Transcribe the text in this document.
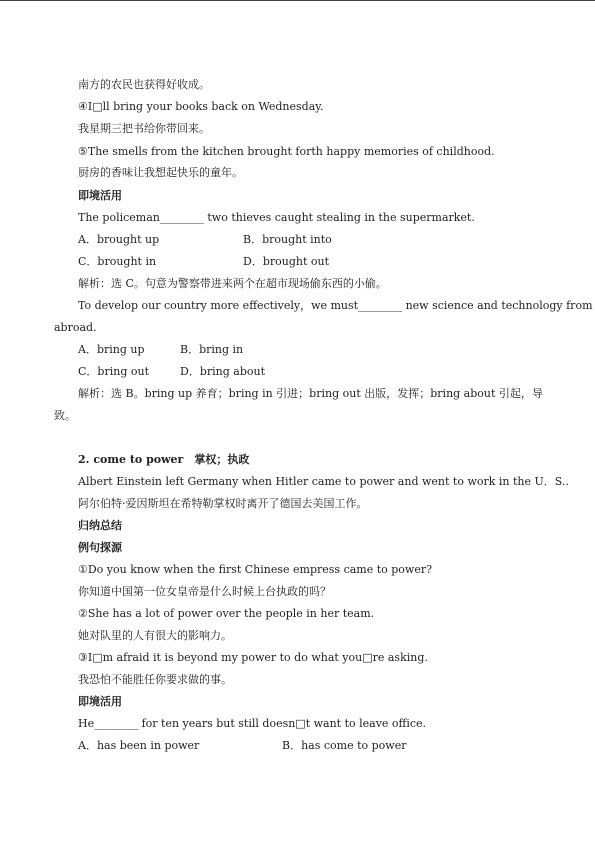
南方的农民也获得好收成。
④I□ll bring your books back on Wednesday.
我星期三把书给你带回来。
⑤The smells from the kitchen brought forth happy memories of childhood.
厨房的香味让我想起快乐的童年。
即境活用
The policeman________ two thieves caught stealing in the supermarket.
A．brought up	B．brought into
C．brought in	D．brought out
解析：选 C。句意为警察带进来两个在超市现场偷东西的小偷。
To develop our country more effectively，we must________ new science and technology from
abroad.
A．bring up	B．bring in
C．bring out	D．bring about
解析：选 B。bring up 养育；bring in 引进；bring out 出版，发挥；bring about 引起，导
致。
2. come to power　掌权；执政
Albert Einstein left Germany when Hitler came to power and went to work in the U．S..
阿尔伯特·爱因斯坦在希特勒掌权时离开了德国去美国工作。
归纳总结
例句探源
①Do you know when the first Chinese empress came to power?
你知道中国第一位女皇帝是什么时候上台执政的吗？
②She has a lot of power over the people in her team.
她对队里的人有很大的影响力。
③I□m afraid it is beyond my power to do what you□re asking.
我恐怕不能胜任你要求做的事。
即境活用
He________ for ten years but still doesn□t want to leave office.
A．has been in power	B．has come to power
